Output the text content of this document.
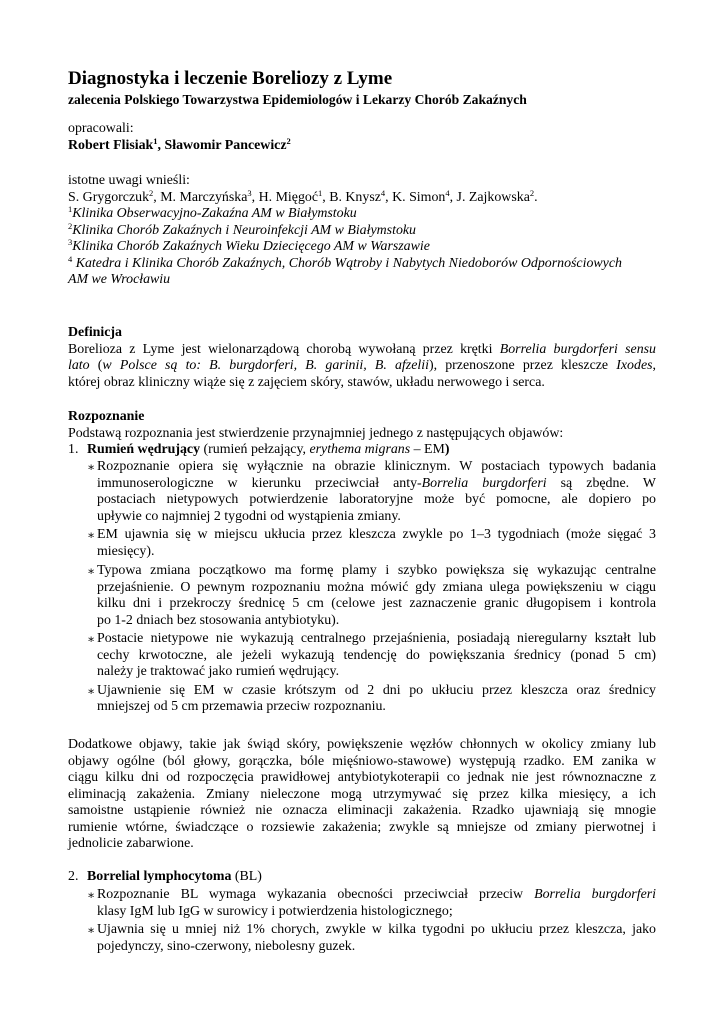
Diagnostyka i leczenie Boreliozy z Lyme
zalecenia Polskiego Towarzystwa Epidemiologów i Lekarzy Chorób Zakaźnych
opracowali:
Robert Flisiak$^1$, Sławomir Pancewicz$^2$
istotne uwagi wnieśli:
S. Grygorczuk$^2$, M. Marczyńska$^3$, H. Mięgoć$^1$, B. Knysz$^4$, K. Simon$^4$, J. Zajkowska$^2$.
$^1$Klinika Obserwacyjno-Zakaźna AM w Białymstoku
$^2$Klinika Chorób Zakaźnych i Neuroinfekcji AM w Białymstoku
$^3$Klinika Chorób Zakaźnych Wieku Dziecięcego AM w Warszawie
$^4$ Katedra i Klinika Chorób Zakaźnych, Chorób Wątroby i Nabytych Niedoborów Odpornościowych
AM we Wrocławiu
Definicja
Borelioza z Lyme jest wielonarządową chorobą wywołaną przez krętki Borrelia burgdorferi sensu
lato (w Polsce są to: B. burgdorferi, B. garinii, B. afzelii), przenoszone przez kleszcze Ixodes,
której obraz kliniczny wiąże się z zajęciem skóry, stawów, układu nerwowego i serca.
Rozpoznanie
Podstawą rozpoznania jest stwierdzenie przynajmniej jednego z następujących objawów:
1. Rumień wędrujący (rumień pełzający, erythema migrans – EM)
∗ Rozpoznanie opiera się wyłącznie na obrazie klinicznym. W postaciach typowych badania
immunoserologiczne w kierunku przeciwciał anty-Borrelia burgdorferi są zbędne. W
postaciach nietypowych potwierdzenie laboratoryjne może być pomocne, ale dopiero po
upływie co najmniej 2 tygodni od wystąpienia zmiany.
∗ EM ujawnia się w miejscu ukłucia przez kleszcza zwykle po 1–3 tygodniach (może sięgać 3
miesięcy).
∗ Typowa zmiana początkowo ma formę plamy i szybko powiększa się wykazując centralne
przejaśnienie. O pewnym rozpoznaniu można mówić gdy zmiana ulega powiększeniu w ciągu
kilku dni i przekroczy średnicę 5 cm (celowe jest zaznaczenie granic długopisem i kontrola
po 1-2 dniach bez stosowania antybiotyku).
∗ Postacie nietypowe nie wykazują centralnego przejaśnienia, posiadają nieregularny kształt lub
cechy krwotoczne, ale jeżeli wykazują tendencję do powiększania średnicy (ponad 5 cm)
należy je traktować jako rumień wędrujący.
∗ Ujawnienie się EM w czasie krótszym od 2 dni po ukłuciu przez kleszcza oraz średnicy
mniejszej od 5 cm przemawia przeciw rozpoznaniu.
Dodatkowe objawy, takie jak świąd skóry, powiększenie węzłów chłonnych w okolicy zmiany lub
objawy ogólne (ból głowy, gorączka, bóle mięśniowo-stawowe) występują rzadko. EM zanika w
ciągu kilku dni od rozpoczęcia prawidłowej antybiotykoterapii co jednak nie jest równoznaczne z
eliminacją zakażenia. Zmiany nieleczone mogą utrzymywać się przez kilka miesięcy, a ich
samoistne ustąpienie również nie oznacza eliminacji zakażenia. Rzadko ujawniają się mnogie
rumienie wtórne, świadczące o rozsiewie zakażenia; zwykle są mniejsze od zmiany pierwotnej i
jednolicie zabarwione.
2. Borrelial lymphocytoma (BL)
∗ Rozpoznanie BL wymaga wykazania obecności przeciwciał przeciw Borrelia burgdorferi
klasy IgM lub IgG w surowicy i potwierdzenia histologicznego;
∗ Ujawnia się u mniej niż 1% chorych, zwykle w kilka tygodni po ukłuciu przez kleszcza, jako
pojedynczy, sino-czerwony, niebolesny guzek.
